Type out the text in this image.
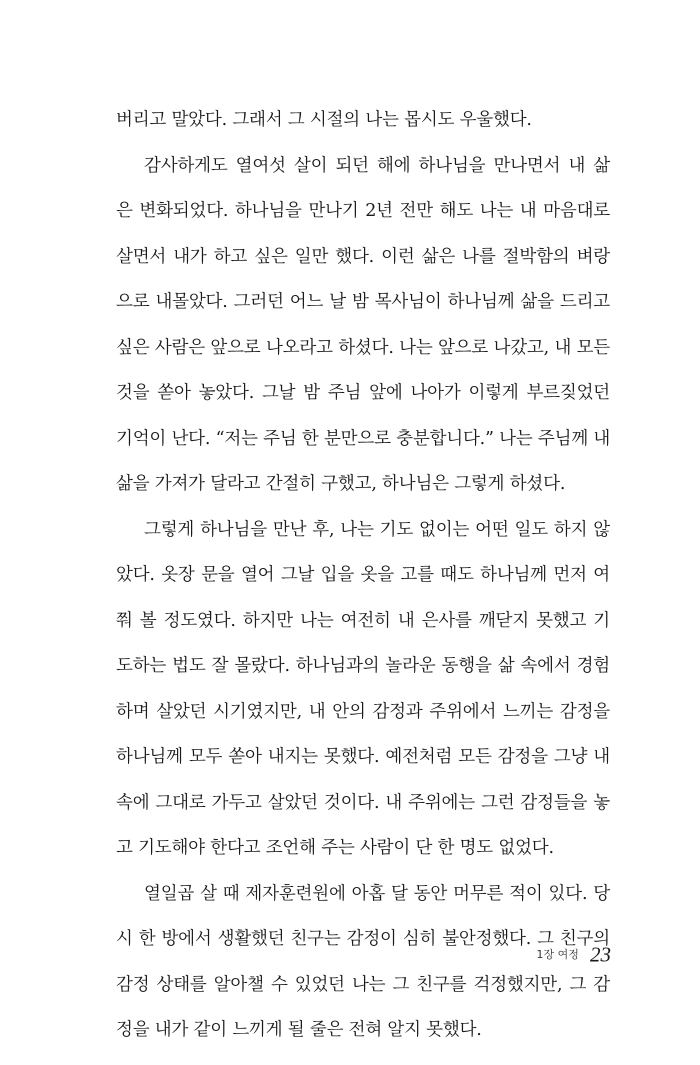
버리고 말았다. 그래서 그 시절의 나는 몹시도 우울했다.
감사하게도 열여섯 살이 되던 해에 하나님을 만나면서 내 삶
은 변화되었다. 하나님을 만나기 2년 전만 해도 나는 내 마음대로
살면서 내가 하고 싶은 일만 했다. 이런 삶은 나를 절박함의 벼랑
으로 내몰았다. 그러던 어느 날 밤 목사님이 하나님께 삶을 드리고
싶은 사람은 앞으로 나오라고 하셨다. 나는 앞으로 나갔고, 내 모든
것을 쏟아 놓았다. 그날 밤 주님 앞에 나아가 이렇게 부르짖었던
기억이 난다. “저는 주님 한 분만으로 충분합니다.” 나는 주님께 내
삶을 가져가 달라고 간절히 구했고, 하나님은 그렇게 하셨다.
그렇게 하나님을 만난 후, 나는 기도 없이는 어떤 일도 하지 않
았다. 옷장 문을 열어 그날 입을 옷을 고를 때도 하나님께 먼저 여
쭤 볼 정도였다. 하지만 나는 여전히 내 은사를 깨닫지 못했고 기
도하는 법도 잘 몰랐다. 하나님과의 놀라운 동행을 삶 속에서 경험
하며 살았던 시기였지만, 내 안의 감정과 주위에서 느끼는 감정을
하나님께 모두 쏟아 내지는 못했다. 예전처럼 모든 감정을 그냥 내
속에 그대로 가두고 살았던 것이다. 내 주위에는 그런 감정들을 놓
고 기도해야 한다고 조언해 주는 사람이 단 한 명도 없었다.
열일곱 살 때 제자훈련원에 아홉 달 동안 머무른 적이 있다. 당
시 한 방에서 생활했던 친구는 감정이 심히 불안정했다. 그 친구의
감정 상태를 알아챌 수 있었던 나는 그 친구를 걱정했지만, 그 감
정을 내가 같이 느끼게 될 줄은 전혀 알지 못했다.
1장 여정 23
